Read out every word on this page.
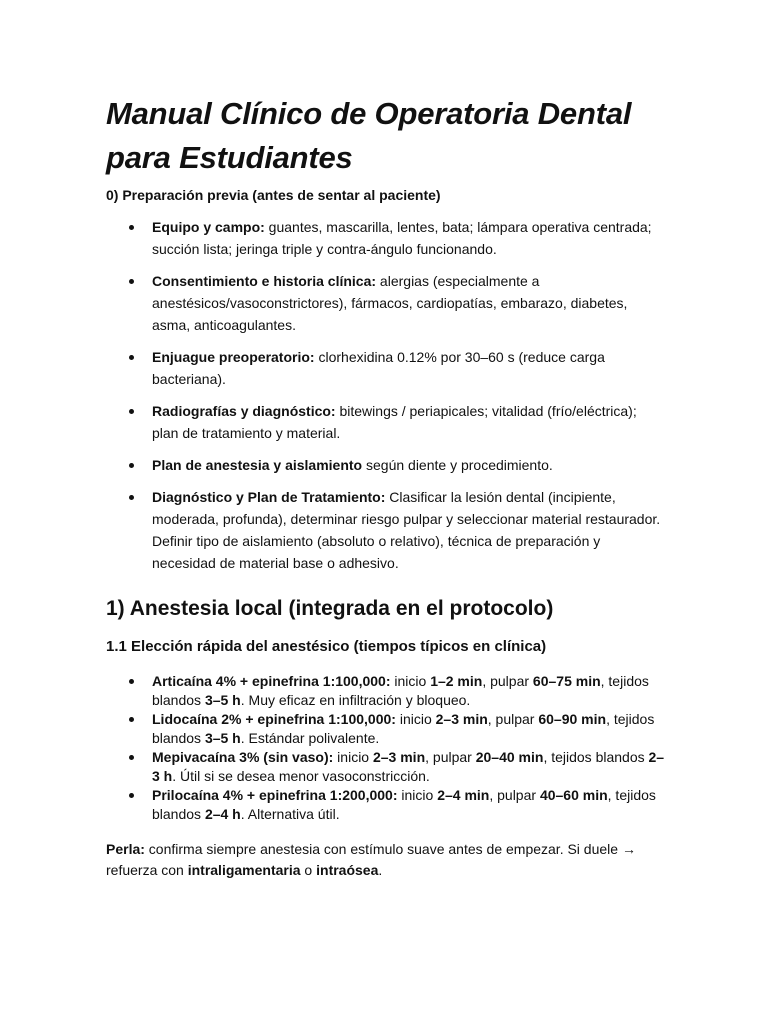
Manual Clínico de Operatoria Dental
para Estudiantes
0) Preparación previa (antes de sentar al paciente)
Equipo y campo: guantes, mascarilla, lentes, bata; lámpara operativa centrada; succión lista; jeringa triple y contra-ángulo funcionando.
Consentimiento e historia clínica: alergias (especialmente a anestésicos/vasoconstrictores), fármacos, cardiopatías, embarazo, diabetes, asma, anticoagulantes.
Enjuague preoperatorio: clorhexidina 0.12% por 30–60 s (reduce carga bacteriana).
Radiografías y diagnóstico: bitewings / periapicales; vitalidad (frío/eléctrica); plan de tratamiento y material.
Plan de anestesia y aislamiento según diente y procedimiento.
Diagnóstico y Plan de Tratamiento: Clasificar la lesión dental (incipiente, moderada, profunda), determinar riesgo pulpar y seleccionar material restaurador. Definir tipo de aislamiento (absoluto o relativo), técnica de preparación y necesidad de material base o adhesivo.
1) Anestesia local (integrada en el protocolo)
1.1 Elección rápida del anestésico (tiempos típicos en clínica)
Articaína 4% + epinefrina 1:100,000: inicio 1–2 min, pulpar 60–75 min, tejidos blandos 3–5 h. Muy eficaz en infiltración y bloqueo.
Lidocaína 2% + epinefrina 1:100,000: inicio 2–3 min, pulpar 60–90 min, tejidos blandos 3–5 h. Estándar polivalente.
Mepivacaína 3% (sin vaso): inicio 2–3 min, pulpar 20–40 min, tejidos blandos 2–3 h. Útil si se desea menor vasoconstricción.
Prilocaína 4% + epinefrina 1:200,000: inicio 2–4 min, pulpar 40–60 min, tejidos blandos 2–4 h. Alternativa útil.

Perla: confirma siempre anestesia con estímulo suave antes de empezar. Si duele → refuerza con intraligamentaria o intraósea.
